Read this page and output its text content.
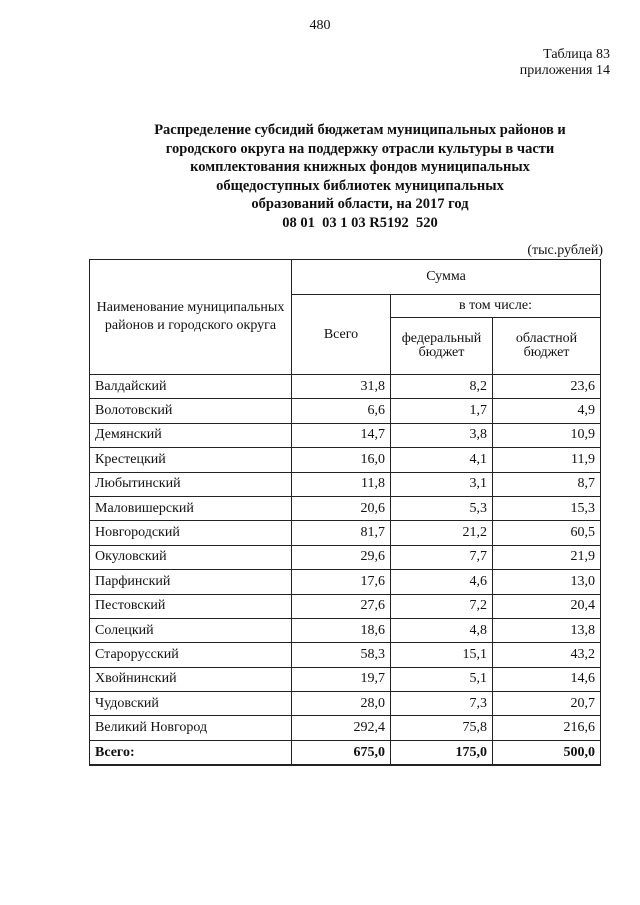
480
Таблица 83
приложения 14
Распределение субсидий бюджетам муниципальных районов и
городского округа на поддержку отрасли культуры в части
комплектования книжных фондов муниципальных
общедоступных библиотек муниципальных
образований области, на 2017 год
08 01  03 1 03 R5192  520
(тыс.рублей)
Наименование муниципальных районов и городского округа	Сумма		
	Всего	в том числе:	
		федеральный бюджет	областной бюджет
Валдайский	31,8	8,2	23,6
Волотовский	6,6	1,7	4,9
Демянский	14,7	3,8	10,9
Крестецкий	16,0	4,1	11,9
Любытинский	11,8	3,1	8,7
Маловишерский	20,6	5,3	15,3
Новгородский	81,7	21,2	60,5
Окуловский	29,6	7,7	21,9
Парфинский	17,6	4,6	13,0
Пестовский	27,6	7,2	20,4
Солецкий	18,6	4,8	13,8
Старорусский	58,3	15,1	43,2
Хвойнинский	19,7	5,1	14,6
Чудовский	28,0	7,3	20,7
Великий Новгород	292,4	75,8	216,6
Всего:	675,0	175,0	500,0
